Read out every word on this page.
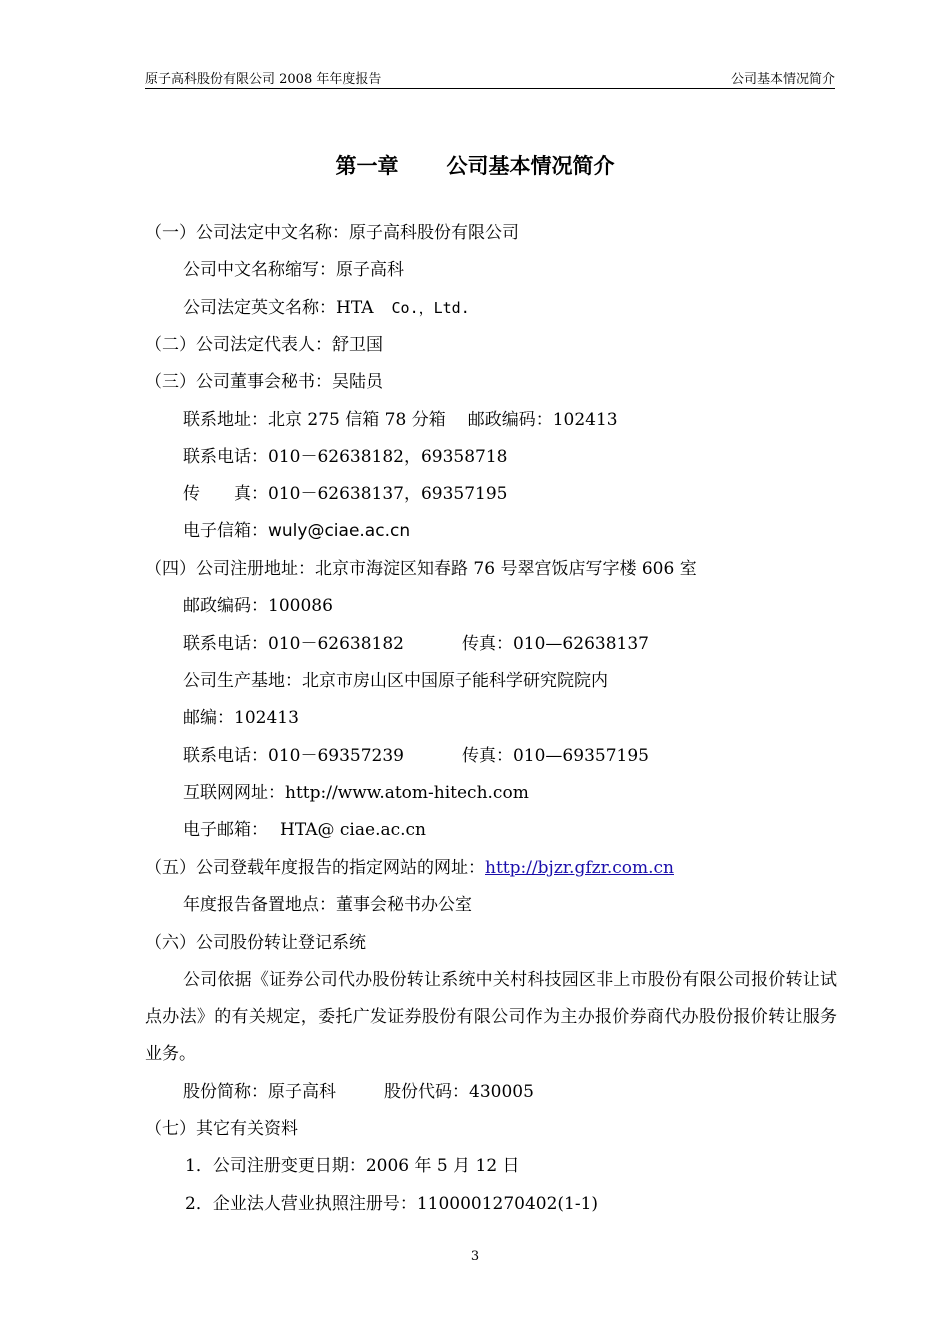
原子高科股份有限公司 2008 年年度报告	公司基本情况简介
第一章 公司基本情况简介
（一）公司法定中文名称：原子高科股份有限公司
公司中文名称缩写：原子高科
公司法定英文名称：HTA Co.，Ltd.
（二）公司法定代表人：舒卫国
（三）公司董事会秘书：吴陆员
联系地址：北京 275 信箱 78 分箱 邮政编码：102413
联系电话：010－62638182，69358718
传　　真：010－62638137，69357195
电子信箱：wuly@ciae.ac.cn
（四）公司注册地址：北京市海淀区知春路 76 号翠宫饭店写字楼 606 室
邮政编码：100086
联系电话：010－62638182	传真：010—62638137
公司生产基地：北京市房山区中国原子能科学研究院院内
邮编：102413
联系电话：010－69357239	传真：010—69357195
互联网网址：http://www.atom-hitech.com
电子邮箱： HTA@ ciae.ac.cn
（五）公司登载年度报告的指定网站的网址：http://bjzr.gfzr.com.cn
年度报告备置地点：董事会秘书办公室
（六）公司股份转让登记系统
公司依据《证券公司代办股份转让系统中关村科技园区非上市股份有限公司报价转让试点办法》的有关规定，委托广发证券股份有限公司作为主办报价券商代办股份报价转让服务业务。
股份简称：原子高科	股份代码：430005
（七）其它有关资料
1．公司注册变更日期：2006 年 5 月 12 日
2．企业法人营业执照注册号：1100001270402(1-1)
3
